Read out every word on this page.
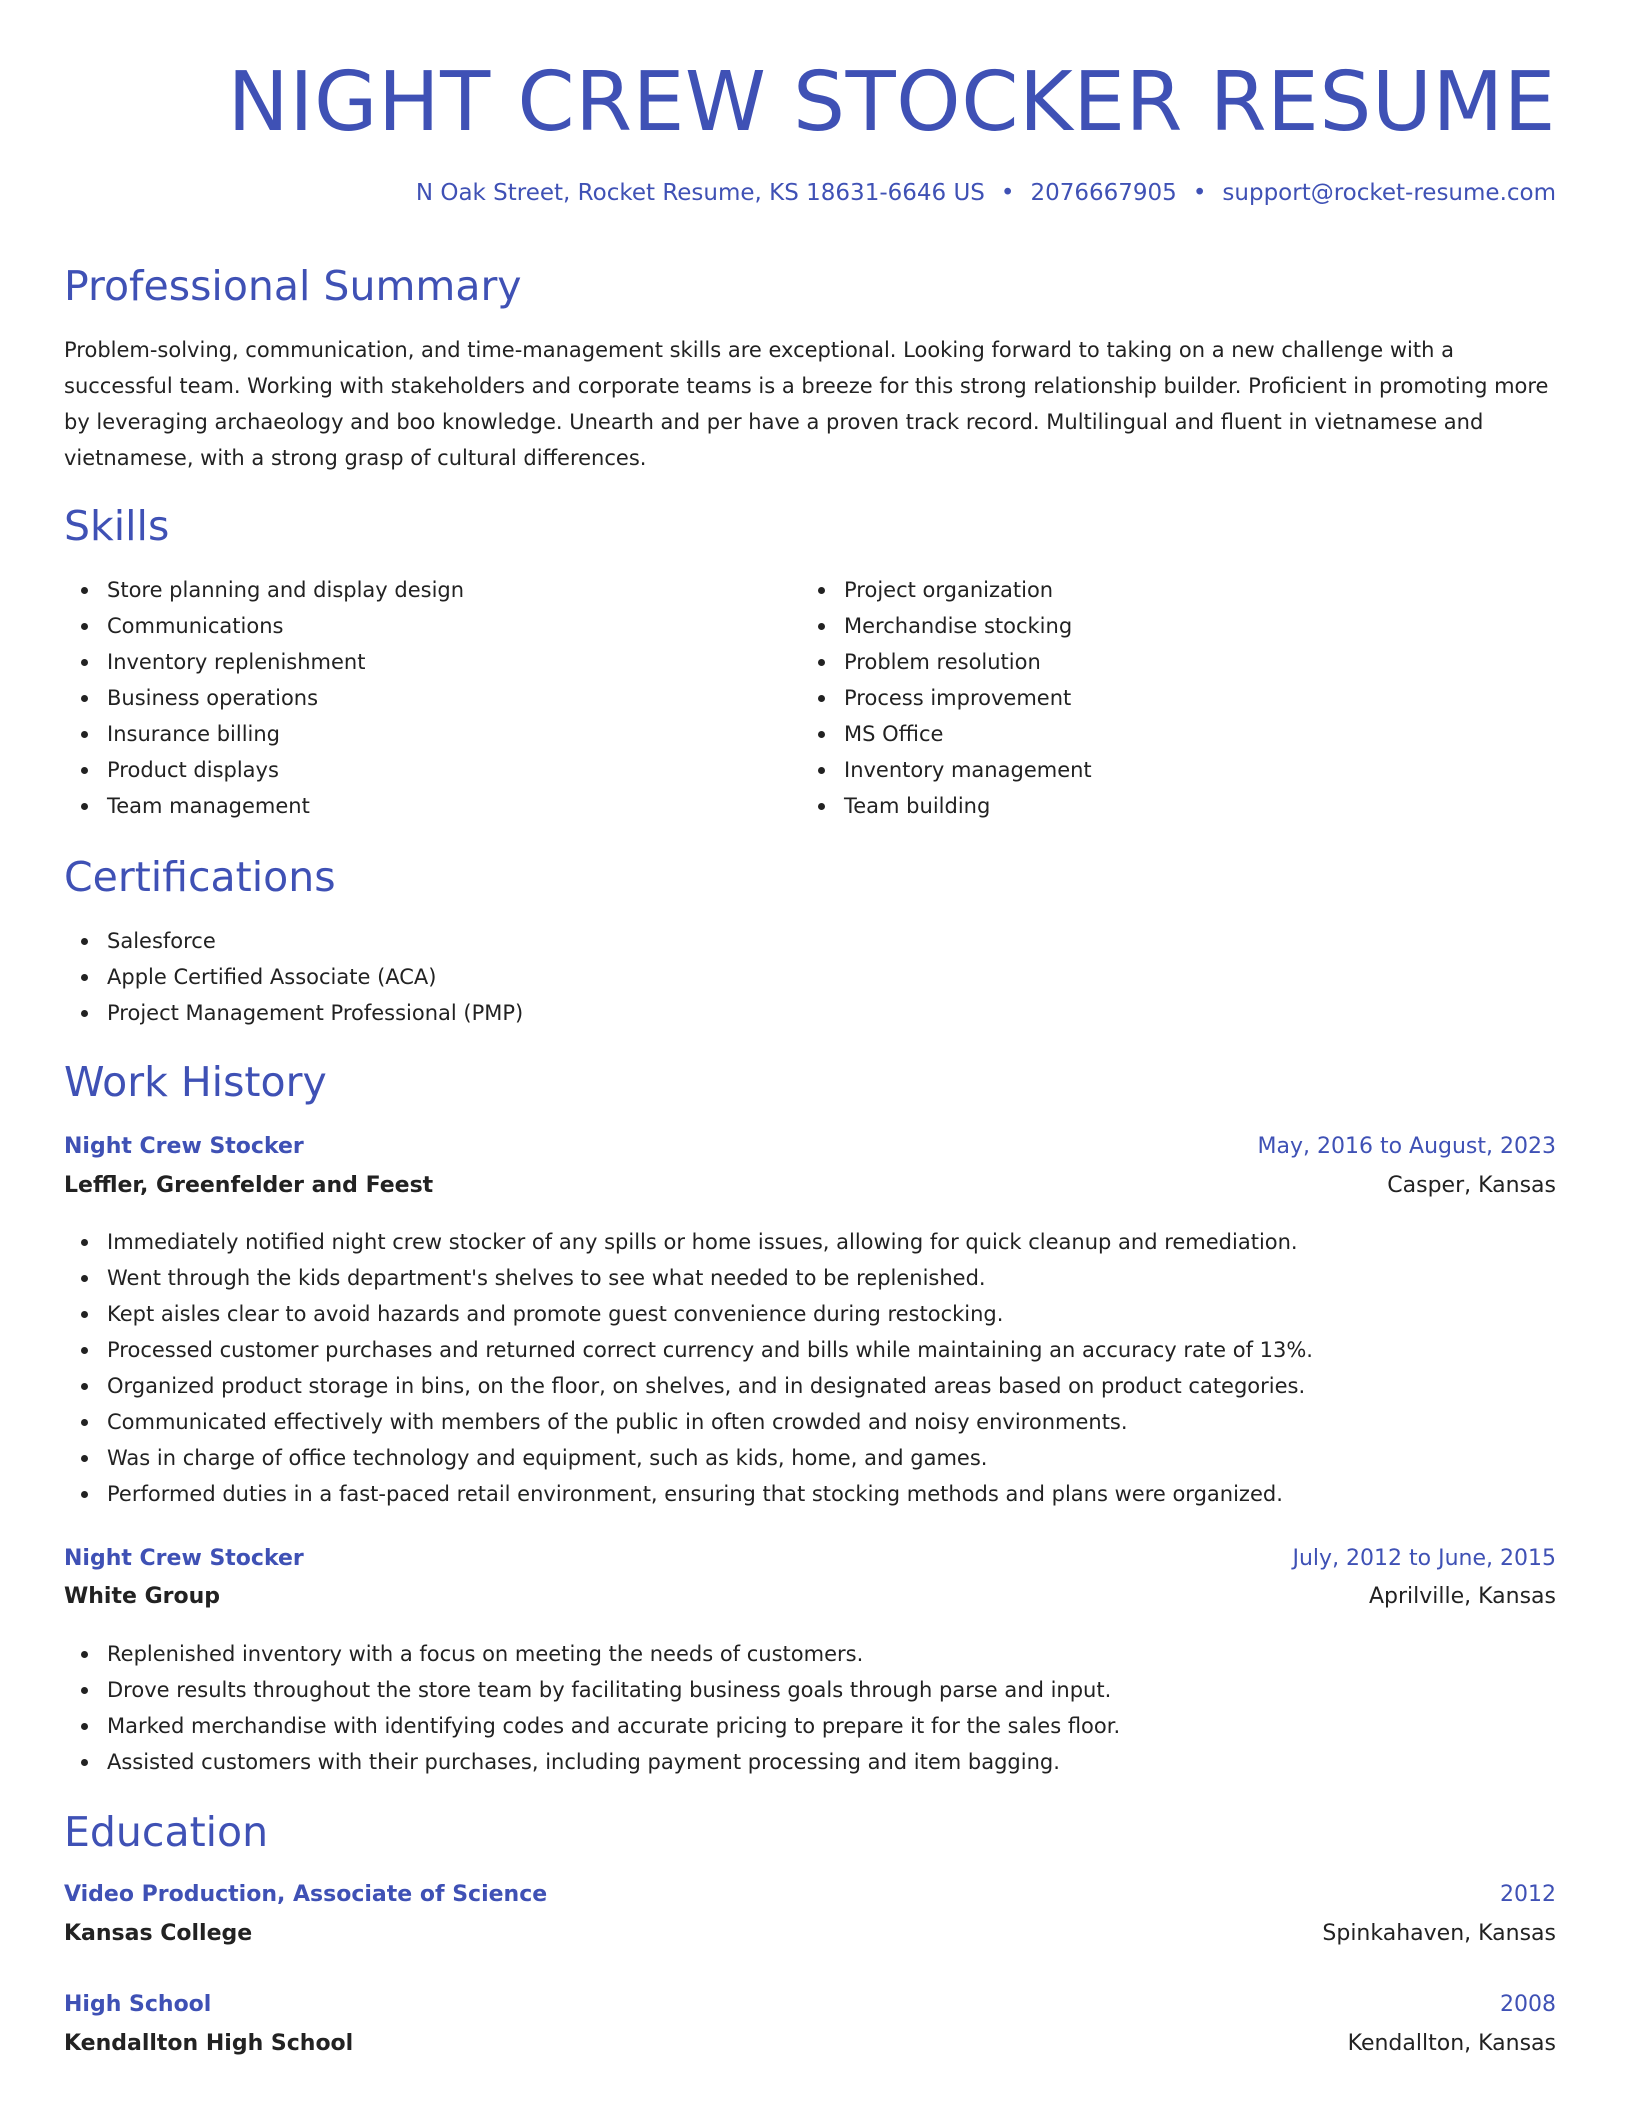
NIGHT CREW STOCKER RESUME
N Oak Street, Rocket Resume, KS 18631-6646 US • 2076667905 • support@rocket-resume.com
Professional Summary

Problem-solving, communication, and time-management skills are exceptional. Looking forward to taking on a new challenge with a successful team. Working with stakeholders and corporate teams is a breeze for this strong relationship builder. Proficient in promoting more by leveraging archaeology and boo knowledge. Unearth and per have a proven track record. Multilingual and fluent in vietnamese and vietnamese, with a strong grasp of cultural differences.

Skills
Store planning and display design
Communications
Inventory replenishment
Business operations
Insurance billing
Product displays
Team management
Project organization
Merchandise stocking
Problem resolution
Process improvement
MS Office
Inventory management
Team building
Certifications
Salesforce
Apple Certified Associate (ACA)
Project Management Professional (PMP)
Work History
Night Crew Stocker	May, 2016 to August, 2023
Leffler, Greenfelder and Feest	Casper, Kansas
Immediately notified night crew stocker of any spills or home issues, allowing for quick cleanup and remediation.
Went through the kids department's shelves to see what needed to be replenished.
Kept aisles clear to avoid hazards and promote guest convenience during restocking.
Processed customer purchases and returned correct currency and bills while maintaining an accuracy rate of 13%.
Organized product storage in bins, on the floor, on shelves, and in designated areas based on product categories.
Communicated effectively with members of the public in often crowded and noisy environments.
Was in charge of office technology and equipment, such as kids, home, and games.
Performed duties in a fast-paced retail environment, ensuring that stocking methods and plans were organized.
Night Crew Stocker	July, 2012 to June, 2015
White Group	Aprilville, Kansas
Replenished inventory with a focus on meeting the needs of customers.
Drove results throughout the store team by facilitating business goals through parse and input.
Marked merchandise with identifying codes and accurate pricing to prepare it for the sales floor.
Assisted customers with their purchases, including payment processing and item bagging.
Education
Video Production, Associate of Science	2012
Kansas College	Spinkahaven, Kansas
High School	2008
Kendallton High School	Kendallton, Kansas
